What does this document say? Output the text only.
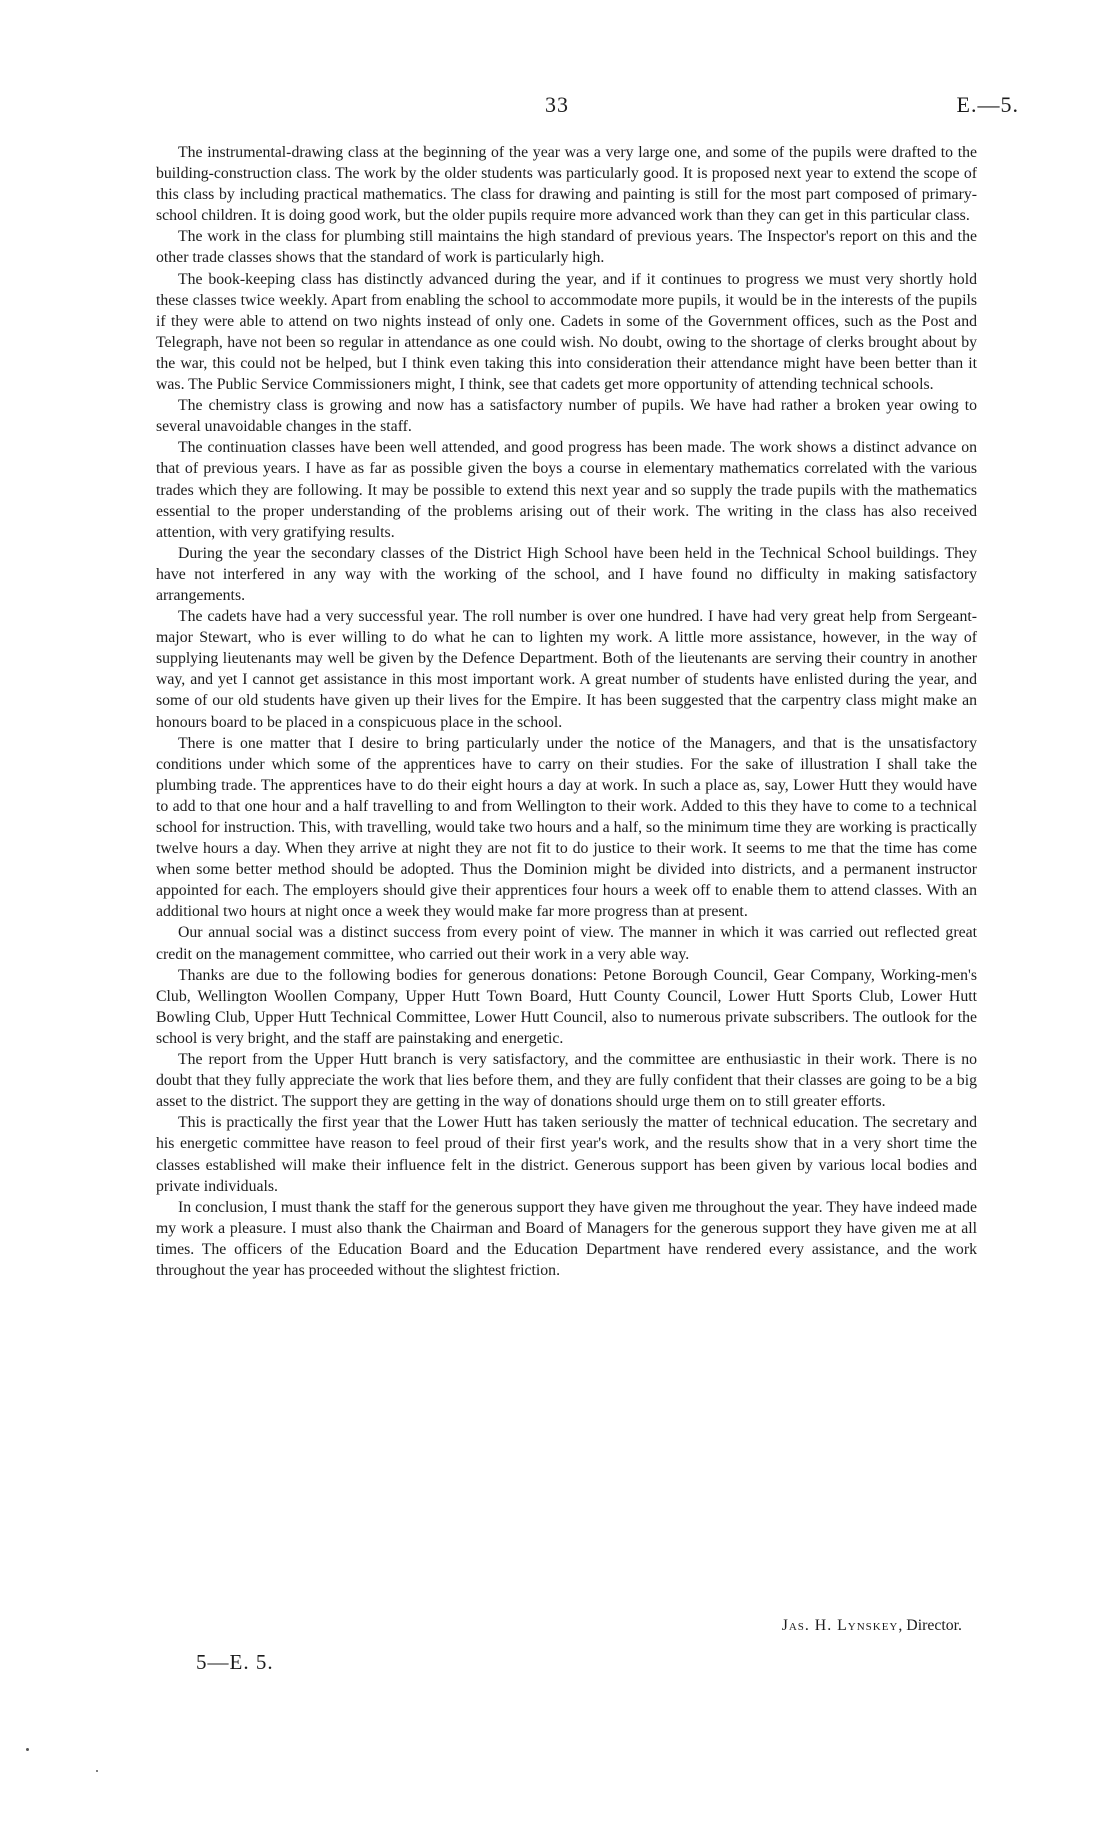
33	E.—5.

The instrumental-drawing class at the beginning of the year was a very large one, and some of the pupils were drafted to the building-construction class. The work by the older students was particularly good. It is proposed next year to extend the scope of this class by including practical mathematics. The class for drawing and painting is still for the most part composed of primary-school children. It is doing good work, but the older pupils require more advanced work than they can get in this particular class.

The work in the class for plumbing still maintains the high standard of previous years. The Inspector's report on this and the other trade classes shows that the standard of work is particularly high.

The book-keeping class has distinctly advanced during the year, and if it continues to progress we must very shortly hold these classes twice weekly. Apart from enabling the school to accommodate more pupils, it would be in the interests of the pupils if they were able to attend on two nights instead of only one. Cadets in some of the Government offices, such as the Post and Telegraph, have not been so regular in attendance as one could wish. No doubt, owing to the shortage of clerks brought about by the war, this could not be helped, but I think even taking this into consideration their attendance might have been better than it was. The Public Service Commissioners might, I think, see that cadets get more opportunity of attending technical schools.

The chemistry class is growing and now has a satisfactory number of pupils. We have had rather a broken year owing to several unavoidable changes in the staff.

The continuation classes have been well attended, and good progress has been made. The work shows a distinct advance on that of previous years. I have as far as possible given the boys a course in elementary mathematics correlated with the various trades which they are following. It may be possible to extend this next year and so supply the trade pupils with the mathematics essential to the proper understanding of the problems arising out of their work. The writing in the class has also received attention, with very gratifying results.

During the year the secondary classes of the District High School have been held in the Technical School buildings. They have not interfered in any way with the working of the school, and I have found no difficulty in making satisfactory arrangements.

The cadets have had a very successful year. The roll number is over one hundred. I have had very great help from Sergeant-major Stewart, who is ever willing to do what he can to lighten my work. A little more assistance, however, in the way of supplying lieutenants may well be given by the Defence Department. Both of the lieutenants are serving their country in another way, and yet I cannot get assistance in this most important work. A great number of students have enlisted during the year, and some of our old students have given up their lives for the Empire. It has been suggested that the carpentry class might make an honours board to be placed in a conspicuous place in the school.

There is one matter that I desire to bring particularly under the notice of the Managers, and that is the unsatisfactory conditions under which some of the apprentices have to carry on their studies. For the sake of illustration I shall take the plumbing trade. The apprentices have to do their eight hours a day at work. In such a place as, say, Lower Hutt they would have to add to that one hour and a half travelling to and from Wellington to their work. Added to this they have to come to a technical school for instruction. This, with travelling, would take two hours and a half, so the minimum time they are working is practically twelve hours a day. When they arrive at night they are not fit to do justice to their work. It seems to me that the time has come when some better method should be adopted. Thus the Dominion might be divided into districts, and a permanent instructor appointed for each. The employers should give their apprentices four hours a week off to enable them to attend classes. With an additional two hours at night once a week they would make far more progress than at present.

Our annual social was a distinct success from every point of view. The manner in which it was carried out reflected great credit on the management committee, who carried out their work in a very able way.

Thanks are due to the following bodies for generous donations: Petone Borough Council, Gear Company, Working-men's Club, Wellington Woollen Company, Upper Hutt Town Board, Hutt County Council, Lower Hutt Sports Club, Lower Hutt Bowling Club, Upper Hutt Technical Committee, Lower Hutt Council, also to numerous private subscribers. The outlook for the school is very bright, and the staff are painstaking and energetic.

The report from the Upper Hutt branch is very satisfactory, and the committee are enthusiastic in their work. There is no doubt that they fully appreciate the work that lies before them, and they are fully confident that their classes are going to be a big asset to the district. The support they are getting in the way of donations should urge them on to still greater efforts.

This is practically the first year that the Lower Hutt has taken seriously the matter of technical education. The secretary and his energetic committee have reason to feel proud of their first year's work, and the results show that in a very short time the classes established will make their influence felt in the district. Generous support has been given by various local bodies and private individuals.

In conclusion, I must thank the staff for the generous support they have given me throughout the year. They have indeed made my work a pleasure. I must also thank the Chairman and Board of Managers for the generous support they have given me at all times. The officers of the Education Board and the Education Department have rendered every assistance, and the work throughout the year has proceeded without the slightest friction.

Jas. H. Lynskey, Director.
5—E. 5.
